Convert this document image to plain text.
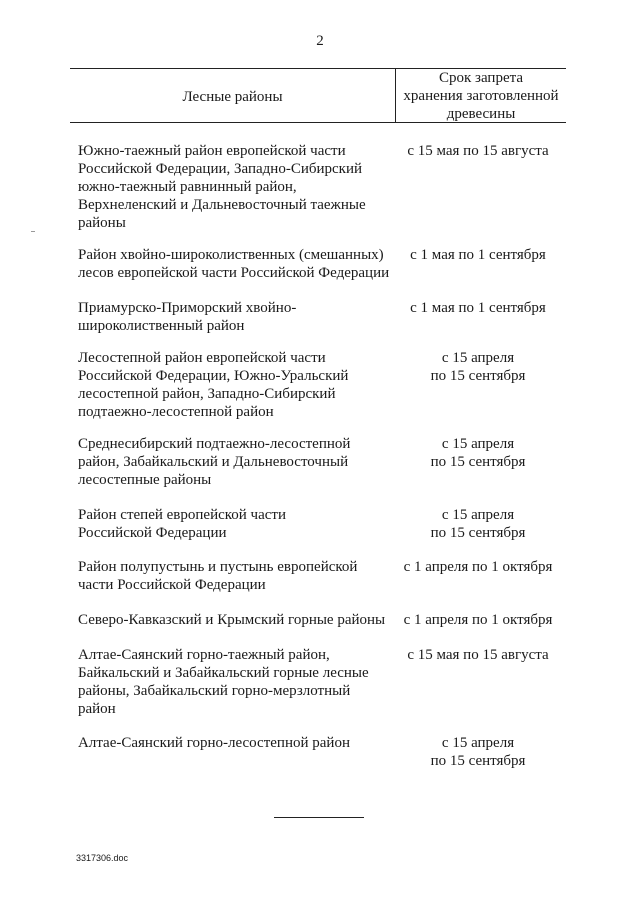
2
Лесные районы
Срок запрета
хранения заготовленной
древесины
Южно-таежный район европейской части
Российской Федерации, Западно-Сибирский
южно-таежный равнинный район,
Верхнеленский и Дальневосточный таежные
районы
с 15 мая по 15 августа
Район хвойно-широколиственных (смешанных)
лесов европейской части Российской Федерации
с 1 мая по 1 сентября
Приамурско-Приморский хвойно-
широколиственный район
с 1 мая по 1 сентября
Лесостепной район европейской части
Российской Федерации, Южно-Уральский
лесостепной район, Западно-Сибирский
подтаежно-лесостепной район
с 15 апреля
по 15 сентября
Среднесибирский подтаежно-лесостепной
район, Забайкальский и Дальневосточный
лесостепные районы
с 15 апреля
по 15 сентября
Район степей европейской части
Российской Федерации
с 15 апреля
по 15 сентября
Район полупустынь и пустынь европейской
части Российской Федерации
с 1 апреля по 1 октября
Северо-Кавказский и Крымский горные районы	с 1 апреля по 1 октября
Алтае-Саянский горно-таежный район,
Байкальский и Забайкальский горные лесные
районы, Забайкальский горно-мерзлотный
район
с 15 мая по 15 августа
Алтае-Саянский горно-лесостепной район	с 15 апреля
по 15 сентября
3317306.doc
